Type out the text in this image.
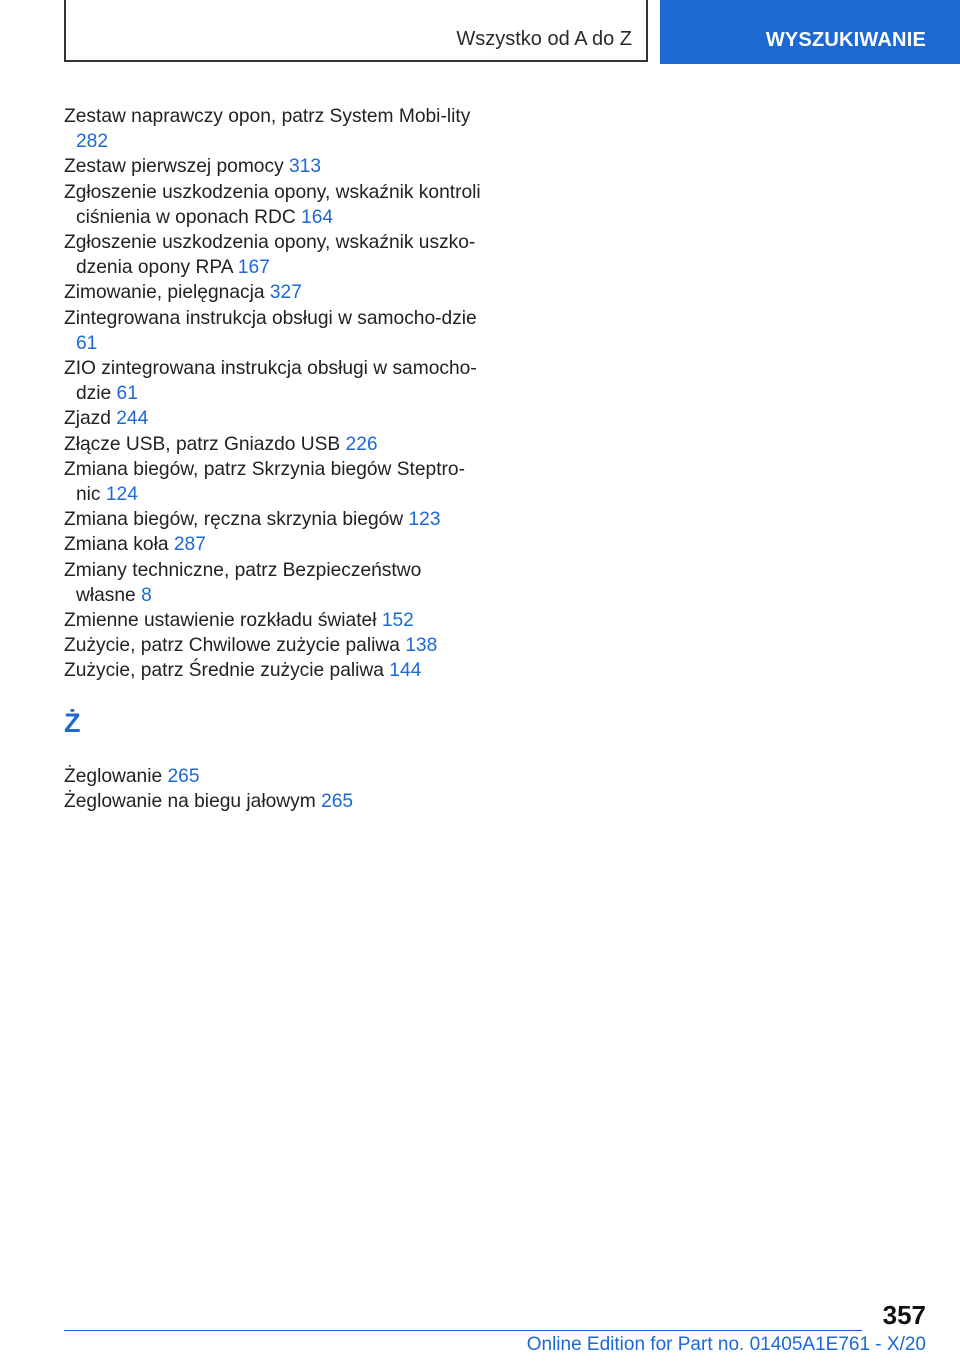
Wszystko od A do Z	WYSZUKIWANIE
Zestaw naprawczy opon, patrz System Mobi‐lity 282
Zestaw pierwszej pomocy 313
Zgłoszenie uszkodzenia opony, wskaźnik kontroli ciśnienia w oponach RDC 164
Zgłoszenie uszkodzenia opony, wskaźnik uszko‐dzenia opony RPA 167
Zimowanie, pielęgnacja 327
Zintegrowana instrukcja obsługi w samocho‐dzie 61
ZIO zintegrowana instrukcja obsługi w samocho‐dzie 61
Zjazd 244
Złącze USB, patrz Gniazdo USB 226
Zmiana biegów, patrz Skrzynia biegów Steptro‐nic 124
Zmiana biegów, ręczna skrzynia biegów 123
Zmiana koła 287
Zmiany techniczne, patrz Bezpieczeństwo własne 8
Zmienne ustawienie rozkładu świateł 152
Zużycie, patrz Chwilowe zużycie paliwa 138
Zużycie, patrz Średnie zużycie paliwa 144
Ż
Żeglowanie 265
Żeglowanie na biegu jałowym 265
357
Online Edition for Part no. 01405A1E761 - X/20
